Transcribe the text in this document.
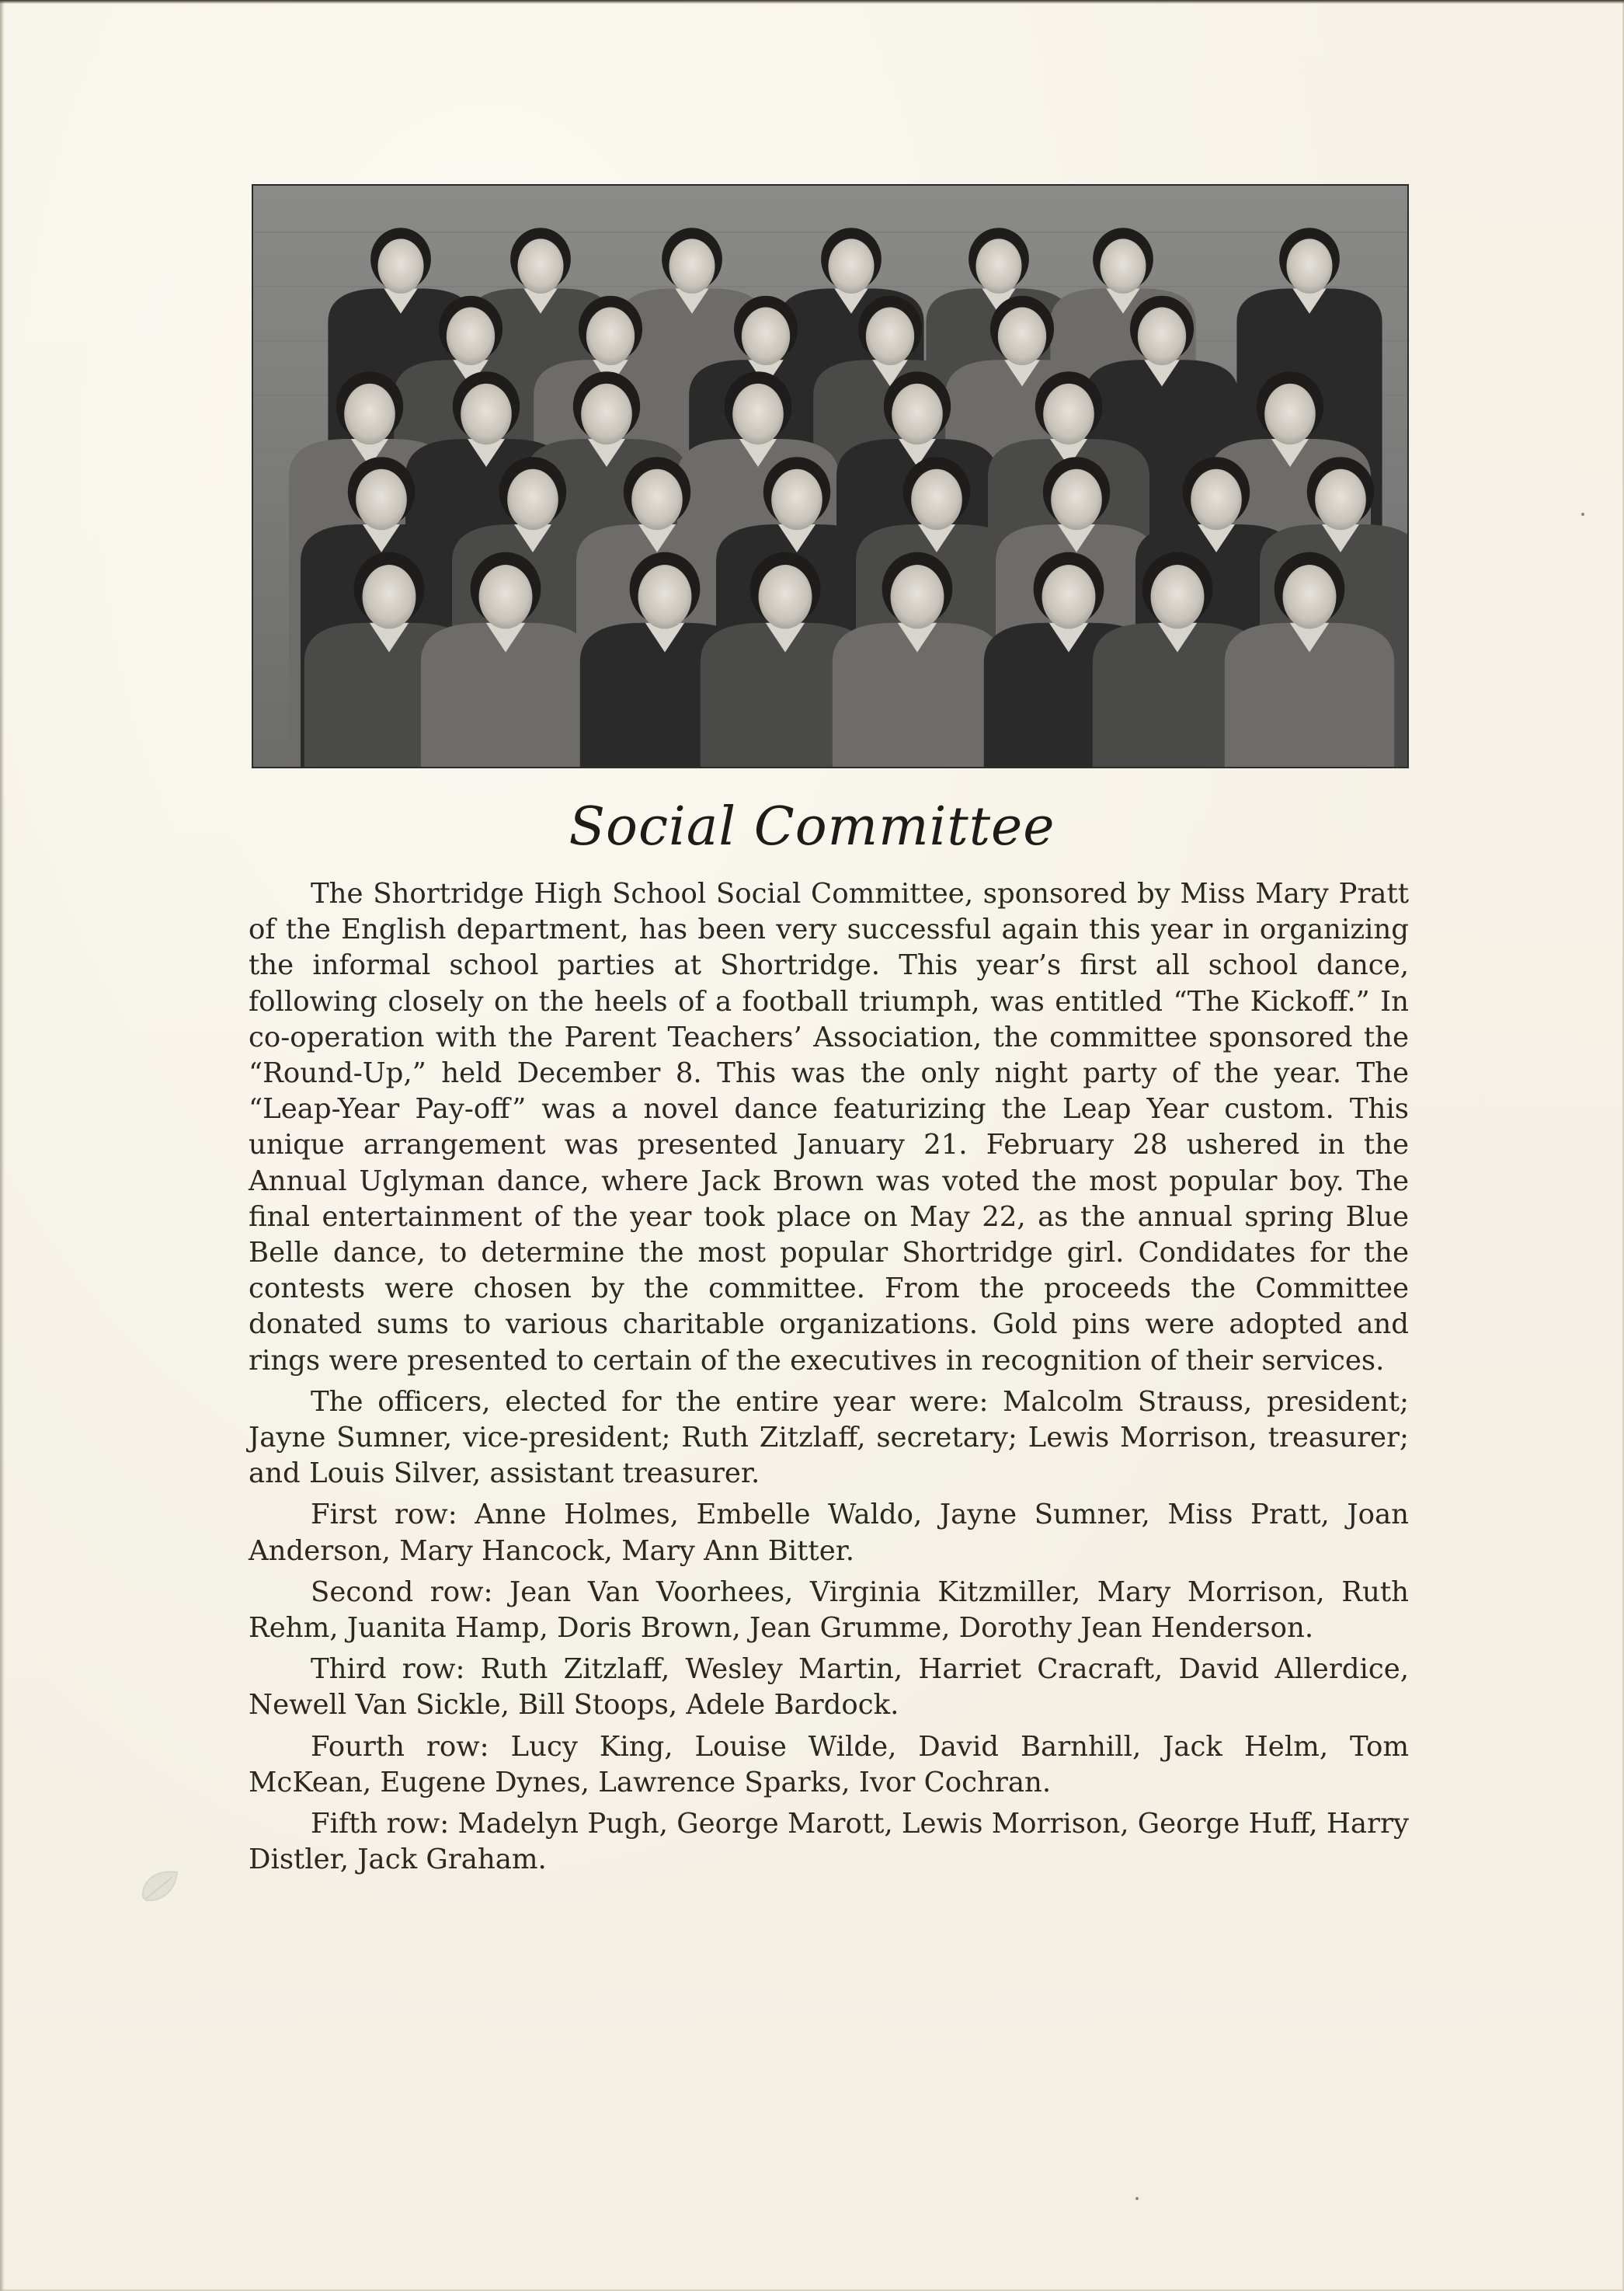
Social Committee

The Shortridge High School Social Committee, sponsored by Miss Mary Pratt of the English department, has been very successful again this year in organizing the informal school parties at Shortridge. This year’s first all school dance, following closely on the heels of a football triumph, was entitled “The Kickoff.” In co-operation with the Parent Teachers’ Association, the committee sponsored the “Round-Up,” held December 8. This was the only night party of the year. The “Leap-Year Pay-off” was a novel dance featurizing the Leap Year custom. This unique arrangement was presented January 21. February 28 ushered in the Annual Uglyman dance, where Jack Brown was voted the most popular boy. The final entertainment of the year took place on May 22, as the annual spring Blue Belle dance, to determine the most popular Shortridge girl. Condidates for the contests were chosen by the committee. From the proceeds the Committee donated sums to various charitable organizations. Gold pins were adopted and rings were presented to certain of the executives in recognition of their services.

The officers, elected for the entire year were: Malcolm Strauss, president; Jayne Sumner, vice-president; Ruth Zitzlaff, secretary; Lewis Morrison, treasurer; and Louis Silver, assistant treasurer.

First row: Anne Holmes, Embelle Waldo, Jayne Sumner, Miss Pratt, Joan Anderson, Mary Hancock, Mary Ann Bitter.

Second row: Jean Van Voorhees, Virginia Kitzmiller, Mary Morrison, Ruth Rehm, Juanita Hamp, Doris Brown, Jean Grumme, Dorothy Jean Henderson.

Third row: Ruth Zitzlaff, Wesley Martin, Harriet Cracraft, David Allerdice, Newell Van Sickle, Bill Stoops, Adele Bardock.

Fourth row: Lucy King, Louise Wilde, David Barnhill, Jack Helm, Tom McKean, Eugene Dynes, Lawrence Sparks, Ivor Cochran.

Fifth row: Madelyn Pugh, George Marott, Lewis Morrison, George Huff, Harry Distler, Jack Graham.
